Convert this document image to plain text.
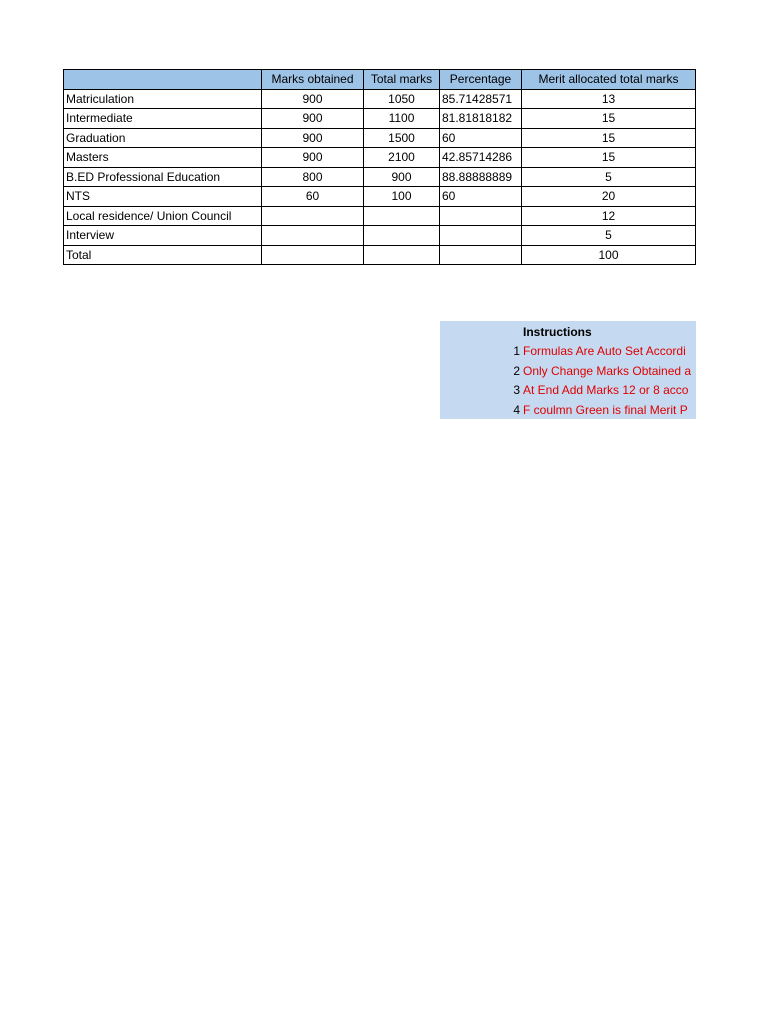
	Marks obtained	Total marks	Percentage	Merit allocated total marks
Matriculation	900	1050	85.71428571	13
Intermediate	900	1100	81.81818182	15
Graduation	900	1500	60	15
Masters	900	2100	42.85714286	15
B.ED Professional Education	800	900	88.88888889	5
NTS	60	100	60	20
Local residence/ Union Council				12
Interview				5
Total				100
Instructions
1 Formulas Are Auto Set Accordi
2 Only Change Marks Obtained a
3 At End Add Marks 12 or 8 acco
4 F coulmn Green is final Merit P
